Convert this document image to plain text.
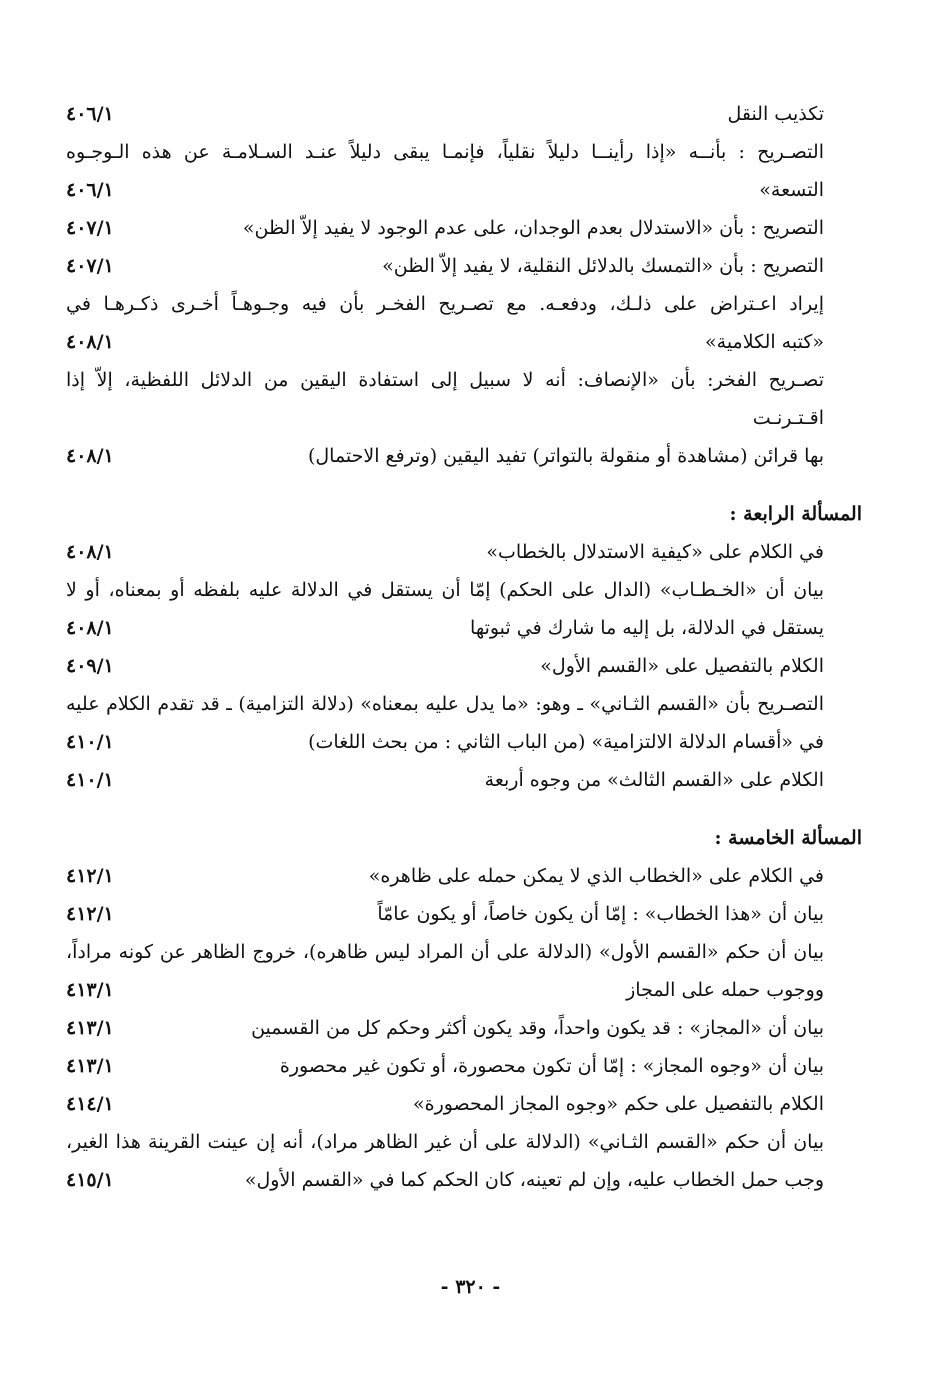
تكذيب النقل
٤٠٦/١
التصـريح : بأنــه «إذا رأينــا دليلاً نقلياً، فإنمـا يبقى دليلاً عنـد السـلامـة عن هذه الـوجـوه
التسعة»
٤٠٦/١
التصريح : بأن «الاستدلال بعدم الوجدان، على عدم الوجود لا يفيد إلاّ الظن»
٤٠٧/١
التصريح : بأن «التمسك بالدلائل النقلية، لا يفيد إلاّ الظن»
٤٠٧/١
إيراد اعـتراض على ذلـك، ودفعـه. مع تصـريح الفخـر بأن فيه وجـوهـاً أخـرى ذكـرهـا في
«كتبه الكلامية»
٤٠٨/١
تصـريح الفخر: بأن «الإنصاف: أنه لا سبيل إلى استفادة اليقين من الدلائل اللفظية، إلاّ إذا
اقـتـرنـت
بها قرائن (مشاهدة أو منقولة بالتواتر) تفيد اليقين (وترفع الاحتمال)
٤٠٨/١
المسألة الرابعة :
في الكلام على «كيفية الاستدلال بالخطاب»
٤٠٨/١
بيان أن «الخـطـاب» (الدال على الحكم) إمّا أن يستقل في الدلالة عليه بلفظه أو بمعناه، أو لا
يستقل في الدلالة، بل إليه ما شارك في ثبوتها
٤٠٨/١
الكلام بالتفصيل على «القسم الأول»
٤٠٩/١
التصـريح بأن «القسم الثـاني» ـ وهو: «ما يدل عليه بمعناه» (دلالة التزامية) ـ قد تقدم الكلام عليه
في «أقسام الدلالة الالتزامية» (من الباب الثاني : من بحث اللغات)
٤١٠/١
الكلام على «القسم الثالث» من وجوه أربعة
٤١٠/١
المسألة الخامسة :
في الكلام على «الخطاب الذي لا يمكن حمله على ظاهره»
٤١٢/١
بيان أن «هذا الخطاب» : إمّا أن يكون خاصاً، أو يكون عامّاً
٤١٢/١
بيان أن حكم «القسم الأول» (الدلالة على أن المراد ليس ظاهره)، خروج الظاهر عن كونه مراداً،
ووجوب حمله على المجاز
٤١٣/١
بيان أن «المجاز» : قد يكون واحداً، وقد يكون أكثر وحكم كل من القسمين
٤١٣/١
بيان أن «وجوه المجاز» : إمّا أن تكون محصورة، أو تكون غير محصورة
٤١٣/١
الكلام بالتفصيل على حكم «وجوه المجاز المحصورة»
٤١٤/١
بيان أن حكم «القسم الثـاني» (الدلالة على أن غير الظاهر مراد)، أنه إن عينت القرينة هذا الغير،
وجب حمل الخطاب عليه، وإن لم تعينه، كان الحكم كما في «القسم الأول»
٤١٥/١
- ٣٢٠ -
